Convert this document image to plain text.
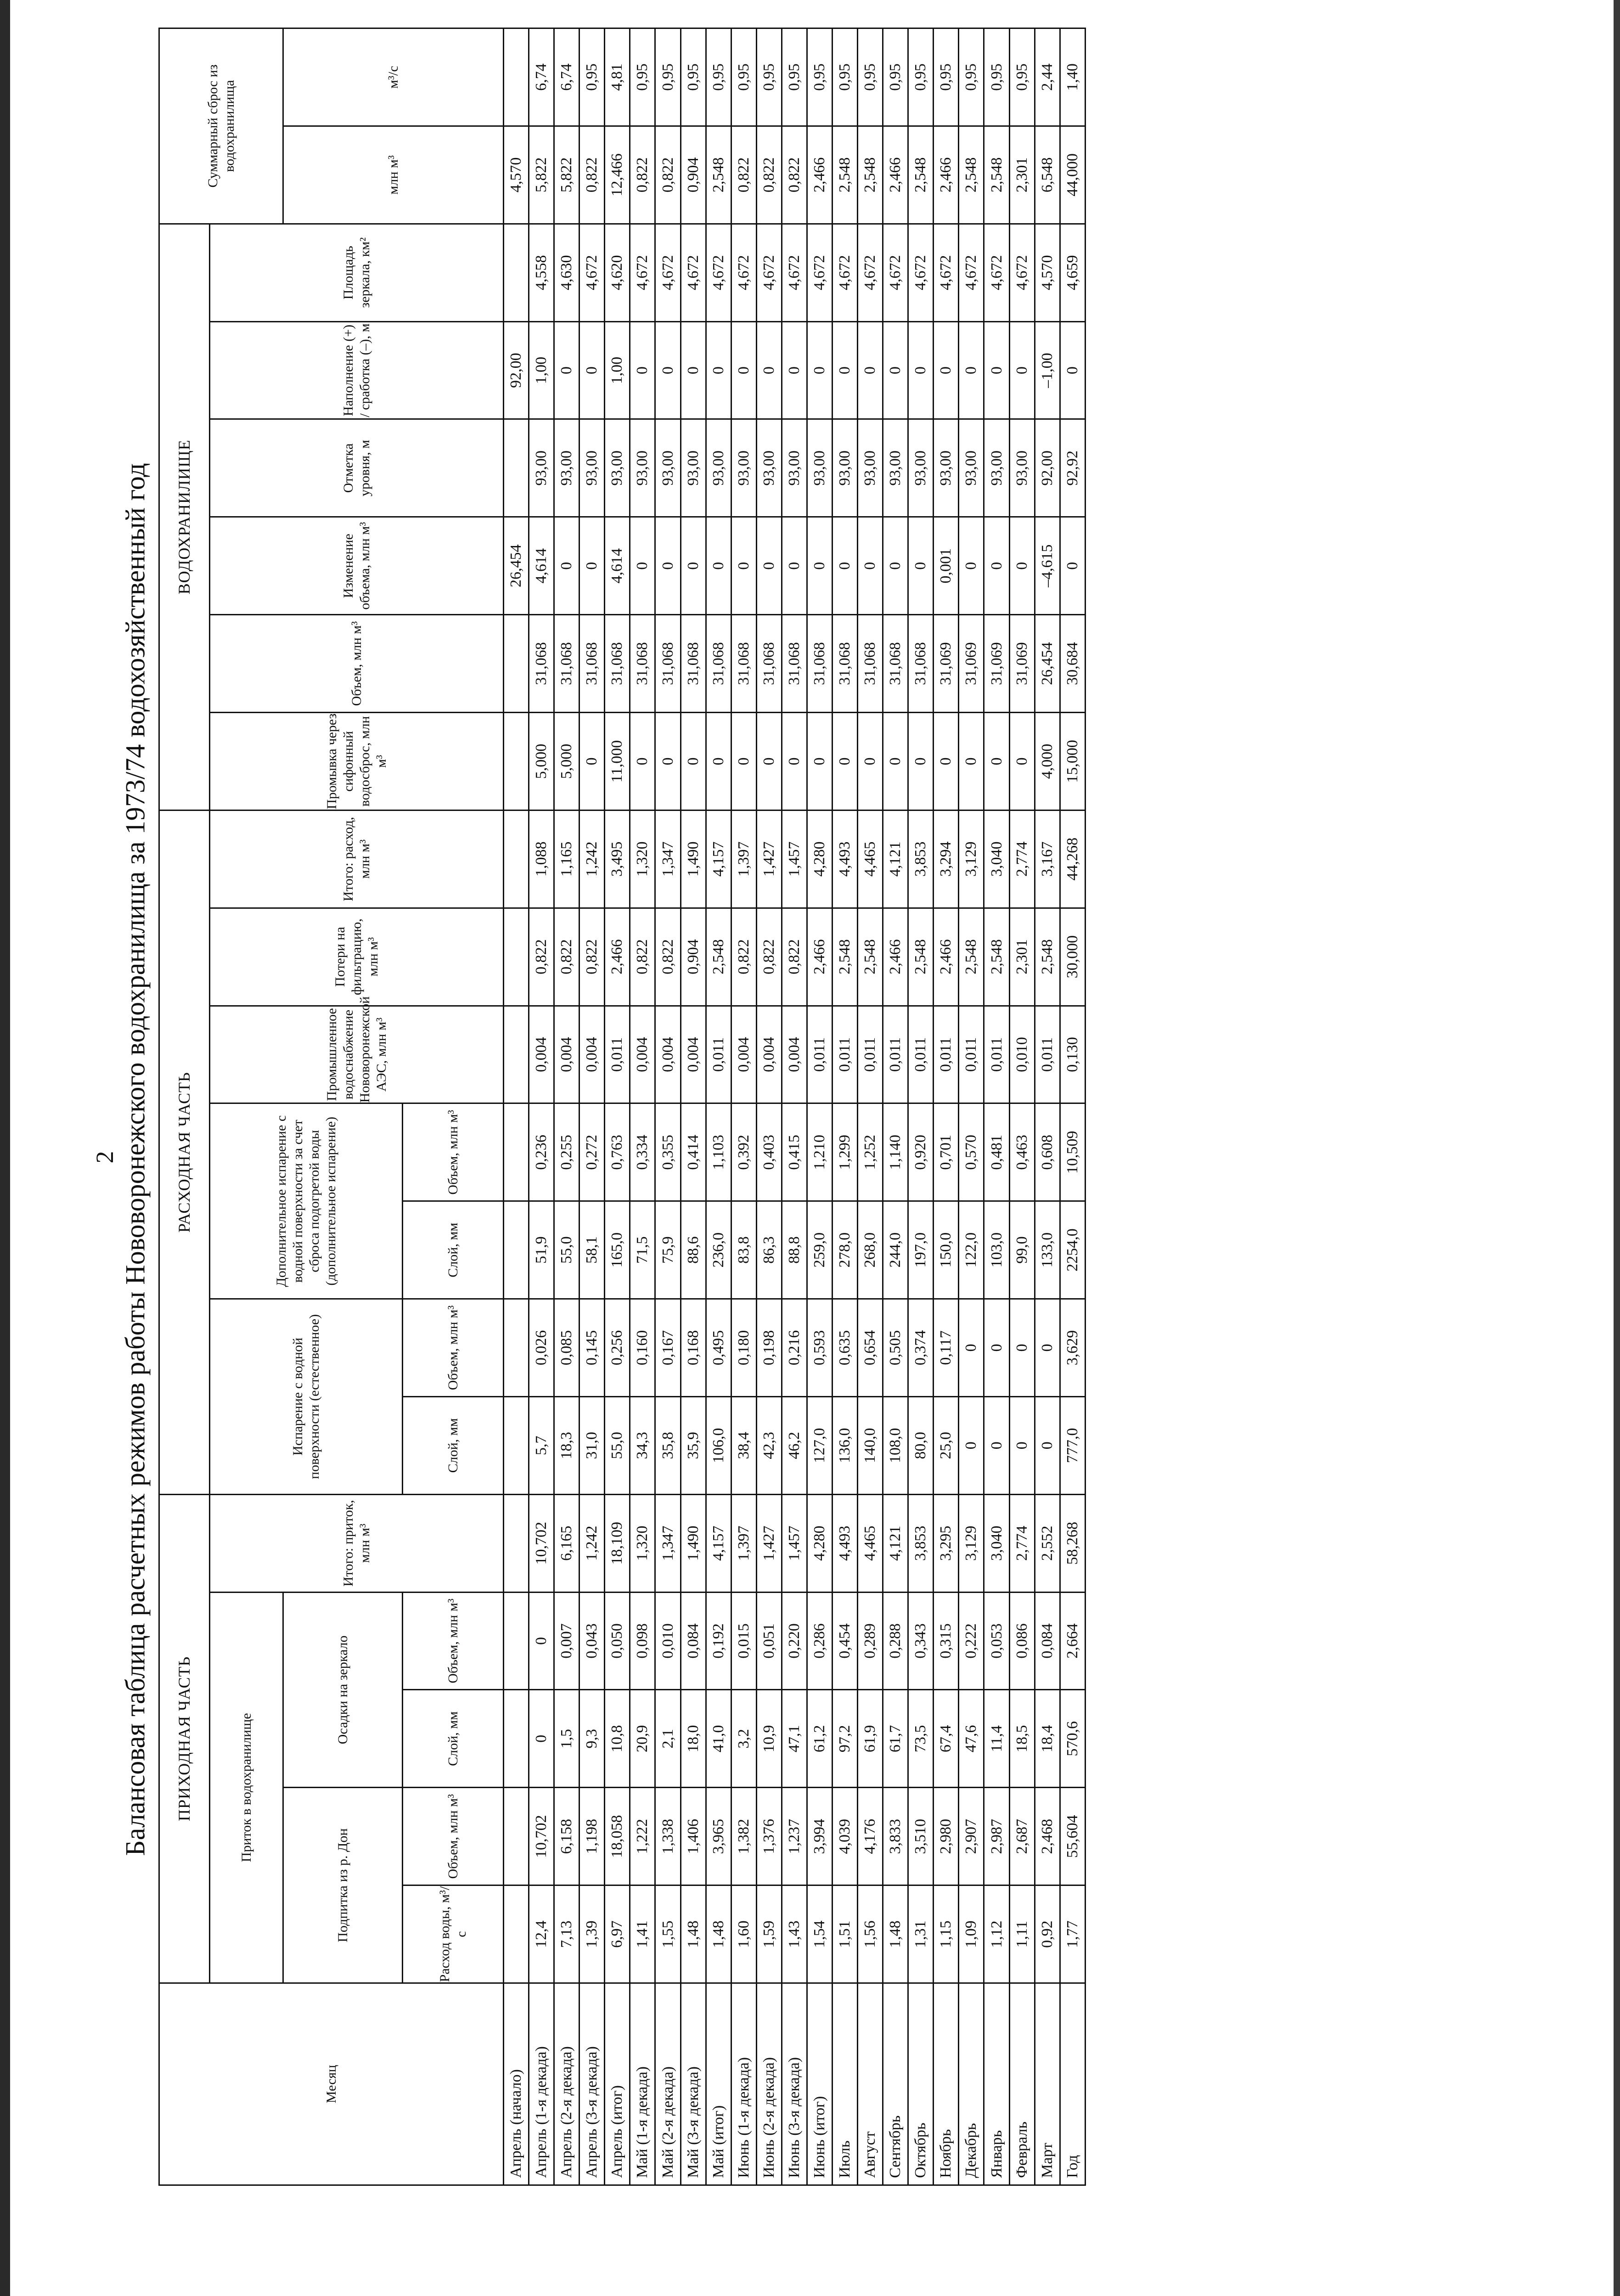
2 Балансовая таблица расчетных режимов работы Нововоронежского водохранилища за 1973/74 водохозяйственный год
Месяц	ПРИХОДНАЯ ЧАСТЬ					РАСХОДНАЯ ЧАСТЬ							ВОДОХРАНИЛИЩЕ						Суммарный сброс из водохранилища	
	Приток в водохранилище				Итого: приток, млн м³	Испарение с водной поверхности (естественное)		Дополнительное испарение с водной поверхности за счет сброса подогретой воды (дополнительное испарение)		Промышленное водоснабжение Нововоронежской АЭС, млн м³	Потери на фильтрацию, млн м³	Итого: расход, млн м³	Промывка через сифонный водосброс, млн м³	Объем, млн м³	Изменение объема, млн м³	Отметка уровня, м	Наполнение (+) / сработка (–), м	Площадь зеркала, км²		
	Подпитка из р. Дон		Осадки на зеркало																млн м³	м³/с
	Расход воды, м³/с	Объем, млн м³	Слой, мм	Объем, млн м³		Слой, мм	Объем, млн м³	Слой, мм	Объем, млн м³											
Апрель (начало)															26,454		92,00		4,570	
Апрель (1-я декада)	12,4	10,702	0	0	10,702	5,7	0,026	51,9	0,236	0,004	0,822	1,088	5,000	31,068	4,614	93,00	1,00	4,558	5,822	6,74
Апрель (2-я декада)	7,13	6,158	1,5	0,007	6,165	18,3	0,085	55,0	0,255	0,004	0,822	1,165	5,000	31,068	0	93,00	0	4,630	5,822	6,74
Апрель (3-я декада)	1,39	1,198	9,3	0,043	1,242	31,0	0,145	58,1	0,272	0,004	0,822	1,242	0	31,068	0	93,00	0	4,672	0,822	0,95
Апрель (итог)	6,97	18,058	10,8	0,050	18,109	55,0	0,256	165,0	0,763	0,011	2,466	3,495	11,000	31,068	4,614	93,00	1,00	4,620	12,466	4,81
Май (1-я декада)	1,41	1,222	20,9	0,098	1,320	34,3	0,160	71,5	0,334	0,004	0,822	1,320	0	31,068	0	93,00	0	4,672	0,822	0,95
Май (2-я декада)	1,55	1,338	2,1	0,010	1,347	35,8	0,167	75,9	0,355	0,004	0,822	1,347	0	31,068	0	93,00	0	4,672	0,822	0,95
Май (3-я декада)	1,48	1,406	18,0	0,084	1,490	35,9	0,168	88,6	0,414	0,004	0,904	1,490	0	31,068	0	93,00	0	4,672	0,904	0,95
Май (итог)	1,48	3,965	41,0	0,192	4,157	106,0	0,495	236,0	1,103	0,011	2,548	4,157	0	31,068	0	93,00	0	4,672	2,548	0,95
Июнь (1-я декада)	1,60	1,382	3,2	0,015	1,397	38,4	0,180	83,8	0,392	0,004	0,822	1,397	0	31,068	0	93,00	0	4,672	0,822	0,95
Июнь (2-я декада)	1,59	1,376	10,9	0,051	1,427	42,3	0,198	86,3	0,403	0,004	0,822	1,427	0	31,068	0	93,00	0	4,672	0,822	0,95
Июнь (3-я декада)	1,43	1,237	47,1	0,220	1,457	46,2	0,216	88,8	0,415	0,004	0,822	1,457	0	31,068	0	93,00	0	4,672	0,822	0,95
Июнь (итог)	1,54	3,994	61,2	0,286	4,280	127,0	0,593	259,0	1,210	0,011	2,466	4,280	0	31,068	0	93,00	0	4,672	2,466	0,95
Июль	1,51	4,039	97,2	0,454	4,493	136,0	0,635	278,0	1,299	0,011	2,548	4,493	0	31,068	0	93,00	0	4,672	2,548	0,95
Август	1,56	4,176	61,9	0,289	4,465	140,0	0,654	268,0	1,252	0,011	2,548	4,465	0	31,068	0	93,00	0	4,672	2,548	0,95
Сентябрь	1,48	3,833	61,7	0,288	4,121	108,0	0,505	244,0	1,140	0,011	2,466	4,121	0	31,068	0	93,00	0	4,672	2,466	0,95
Октябрь	1,31	3,510	73,5	0,343	3,853	80,0	0,374	197,0	0,920	0,011	2,548	3,853	0	31,068	0	93,00	0	4,672	2,548	0,95
Ноябрь	1,15	2,980	67,4	0,315	3,295	25,0	0,117	150,0	0,701	0,011	2,466	3,294	0	31,069	0,001	93,00	0	4,672	2,466	0,95
Декабрь	1,09	2,907	47,6	0,222	3,129	0	0	122,0	0,570	0,011	2,548	3,129	0	31,069	0	93,00	0	4,672	2,548	0,95
Январь	1,12	2,987	11,4	0,053	3,040	0	0	103,0	0,481	0,011	2,548	3,040	0	31,069	0	93,00	0	4,672	2,548	0,95
Февраль	1,11	2,687	18,5	0,086	2,774	0	0	99,0	0,463	0,010	2,301	2,774	0	31,069	0	93,00	0	4,672	2,301	0,95
Март	0,92	2,468	18,4	0,084	2,552	0	0	133,0	0,608	0,011	2,548	3,167	4,000	26,454	–4,615	92,00	–1,00	4,570	6,548	2,44
Год	1,77	55,604	570,6	2,664	58,268	777,0	3,629	2254,0	10,509	0,130	30,000	44,268	15,000	30,684	0	92,92	0	4,659	44,000	1,40
